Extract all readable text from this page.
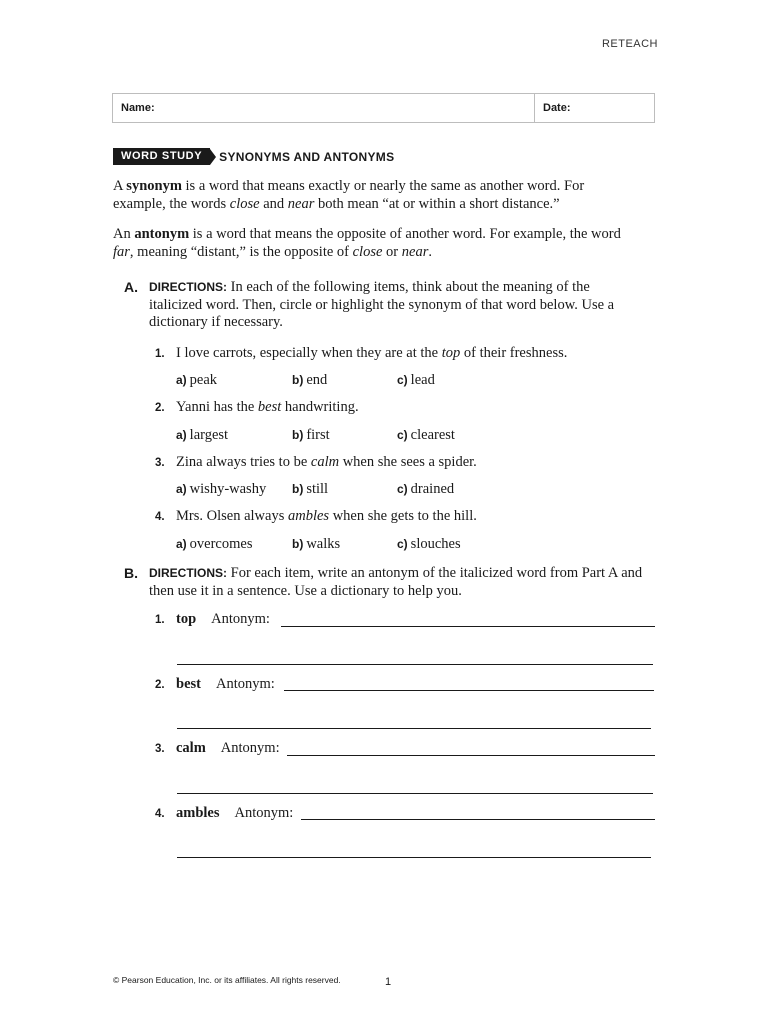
RETEACH
Name:	Date:
WORD STUDY	SYNONYMS AND ANTONYMS

A synonym is a word that means exactly or nearly the same as another word. For example, the words close and near both mean “at or within a short distance.”

An antonym is a word that means the opposite of another word. For example, the word far, meaning “distant,” is the opposite of close or near.

A. DIRECTIONS: In each of the following items, think about the meaning of the italicized word. Then, circle or highlight the synonym of that word below. Use a dictionary if necessary.

1. I love carrots, especially when they are at the top of their freshness.
a) peak	b) end	c) lead
2. Yanni has the best handwriting.
a) largest	b) first	c) clearest
3. Zina always tries to be calm when she sees a spider.
a) wishy-washy b) still	c) drained
4. Mrs. Olsen always ambles when she gets to the hill.
a) overcomes	b) walks	c) slouches
B. DIRECTIONS: For each item, write an antonym of the italicized word from Part A and then use it in a sentence. Use a dictionary to help you.

1. top Antonym:
2. best Antonym:
3. calm Antonym:
4. ambles Antonym:
© Pearson Education, Inc. or its affiliates. All rights reserved.	1
